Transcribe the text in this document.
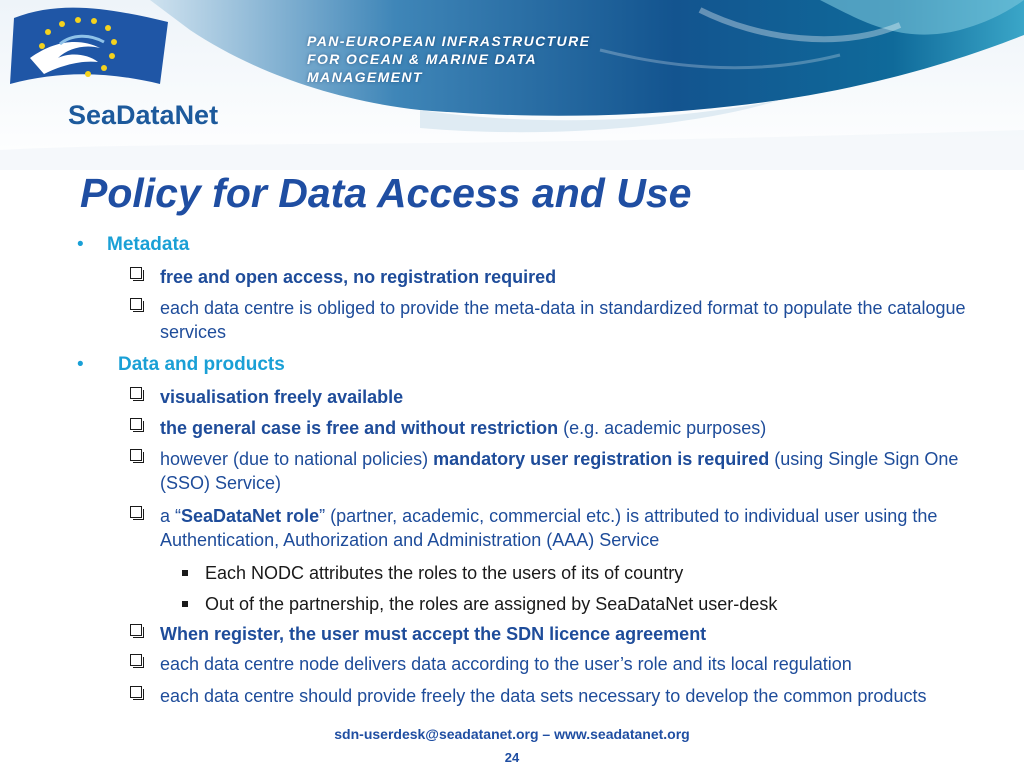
SeaDataNet
PAN-EUROPEAN INFRASTRUCTURE
FOR OCEAN & MARINE DATA
MANAGEMENT
Policy for Data Access and Use
• Metadata
free and open access, no registration required
each data centre is obliged to provide the meta-data in standardized format to populate the catalogue services
• Data and products
visualisation freely available
the general case is free and without restriction (e.g. academic purposes)
however (due to national policies) mandatory user registration is required (using Single Sign One (SSO) Service)
a “SeaDataNet role” (partner, academic, commercial etc.) is attributed to individual user using the Authentication, Authorization and Administration (AAA) Service
Each NODC attributes the roles to the users of its of country
Out of the partnership, the roles are assigned by SeaDataNet user-desk
When register, the user must accept the SDN licence agreement
each data centre node delivers data according to the user’s role and its local regulation
each data centre should provide freely the data sets necessary to develop the common products
sdn-userdesk@seadatanet.org – www.seadatanet.org
24
